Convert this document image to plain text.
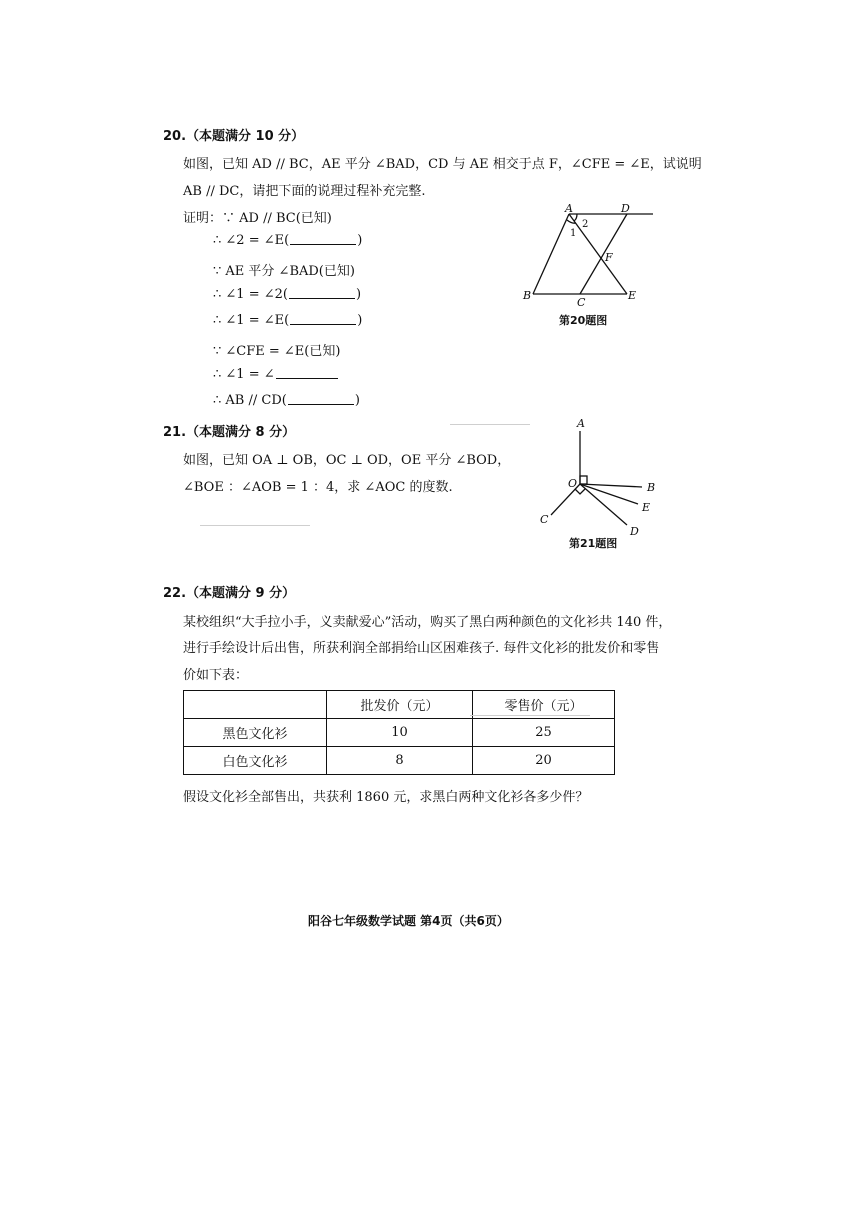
20.（本题满分 10 分）
如图，已知 AD // BC，AE 平分 ∠BAD，CD 与 AE 相交于点 F，∠CFE = ∠E，试说明
AB // DC，请把下面的说理过程补充完整.
证明：∵ AD // BC(已知)
∴ ∠2 = ∠E(	)
∵ AE 平分 ∠BAD(已知)
∴ ∠1 = ∠2(	)
∴ ∠1 = ∠E(	)
∵ ∠CFE = ∠E(已知)
∴ ∠1 = ∠
∴ AB // CD(	)
A	D
B
C
E
F
1
2
第20题图
21.（本题满分 8 分）
如图，已知 OA ⊥ OB，OC ⊥ OD，OE 平分 ∠BOD，
∠BOE ：∠AOB = 1 ：4，求 ∠AOC 的度数.
A
O	B
E
D
C
第21题图
22.（本题满分 9 分）
某校组织“大手拉小手，义卖献爱心”活动，购买了黑白两种颜色的文化衫共 140 件，
进行手绘设计后出售，所获利润全部捐给山区困难孩子. 每件文化衫的批发价和零售
价如下表：
	批发价（元）	零售价（元）
黑色文化衫	10	25
白色文化衫	8	20
假设文化衫全部售出，共获利 1860 元，求黑白两种文化衫各多少件？
阳谷七年级数学试题 第4页（共6页）
